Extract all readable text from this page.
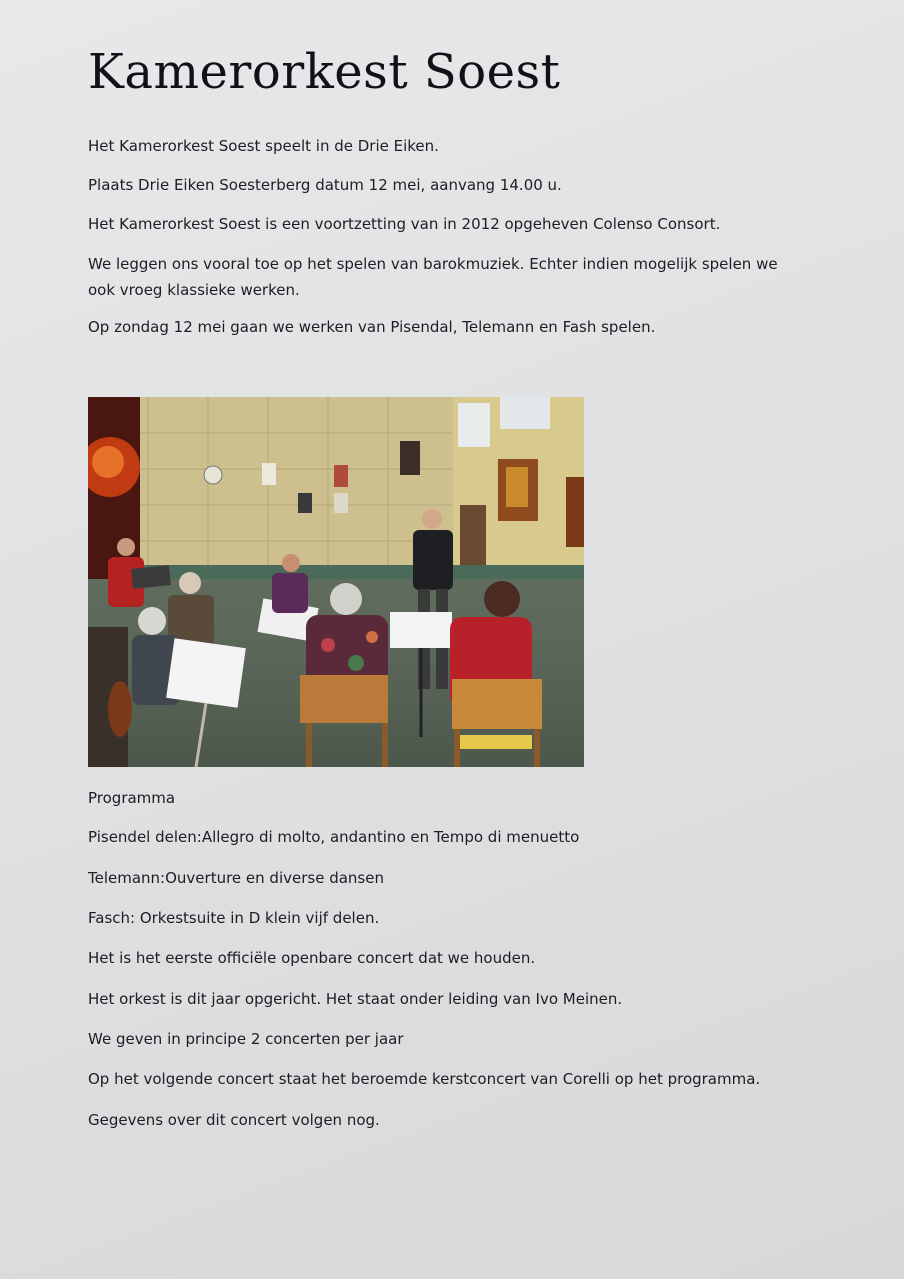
Kamerorkest Soest

Het Kamerorkest Soest speelt in de Drie Eiken.

Plaats Drie Eiken Soesterberg datum 12 mei, aanvang 14.00 u.

Het Kamerorkest Soest is een voortzetting van in 2012 opgeheven Colenso Consort.

We leggen ons vooral toe op het spelen van barokmuziek. Echter indien mogelijk spelen we ook vroeg klassieke werken.

Op zondag 12 mei gaan we werken van Pisendal, Telemann en Fash spelen.

Programma

Pisendel delen:Allegro di molto, andantino en Tempo di menuetto

Telemann:Ouverture en diverse dansen

Fasch: Orkestsuite in D klein vijf delen.

Het is het eerste officiële openbare concert dat we houden.

Het orkest is dit jaar opgericht. Het staat onder leiding van Ivo Meinen.

We geven in principe 2 concerten per jaar

Op het volgende concert staat het beroemde kerstconcert van Corelli op het programma.

Gegevens over dit concert volgen nog.
